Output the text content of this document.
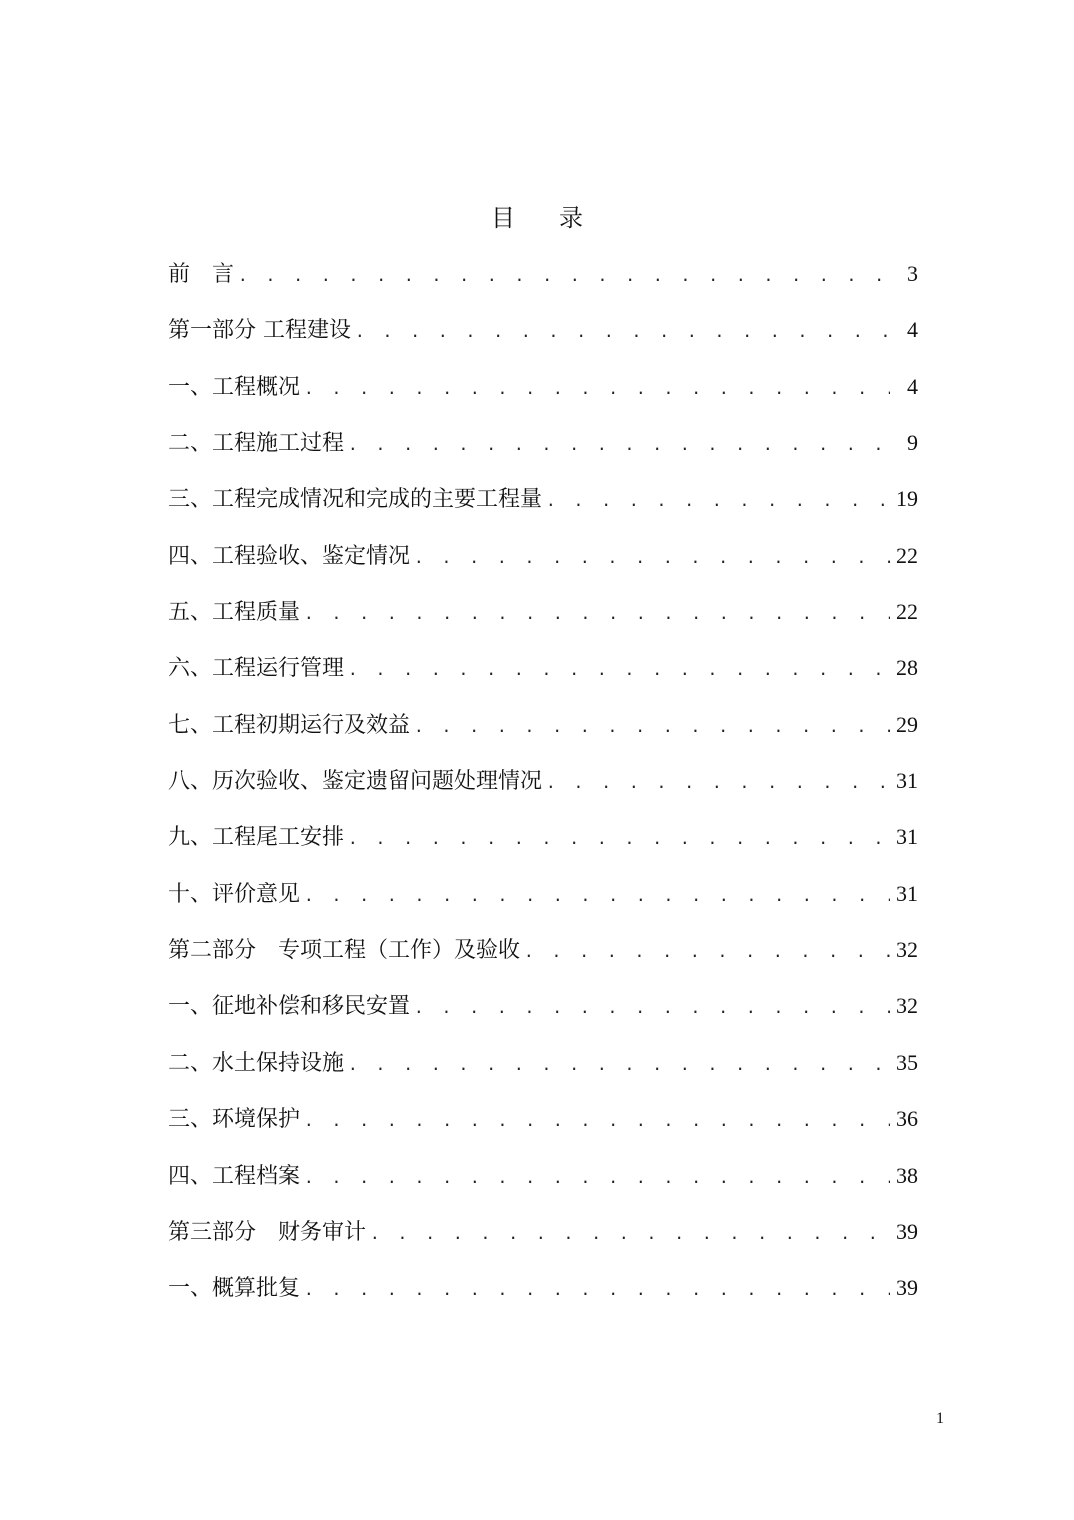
目 录
前　言 . . .	3
第一部分 工程建设 . . .	4
一、工程概况 . . .	4
二、工程施工过程 . . .	9
三、工程完成情况和完成的主要工程量 . . .	19
四、工程验收、鉴定情况 . . .	22
五、工程质量 . . .	22
六、工程运行管理 . . .	28
七、工程初期运行及效益 . . .	29
八、历次验收、鉴定遗留问题处理情况 . . .	31
九、工程尾工安排 . . .	31
十、评价意见 . . .	31
第二部分　专项工程（工作）及验收 . . .	32
一、征地补偿和移民安置 . . .	32
二、水土保持设施 . . .	35
三、环境保护 . . .	36
四、工程档案 . . .	38
第三部分　财务审计 . . .	39
一、概算批复 . . .	39
1
